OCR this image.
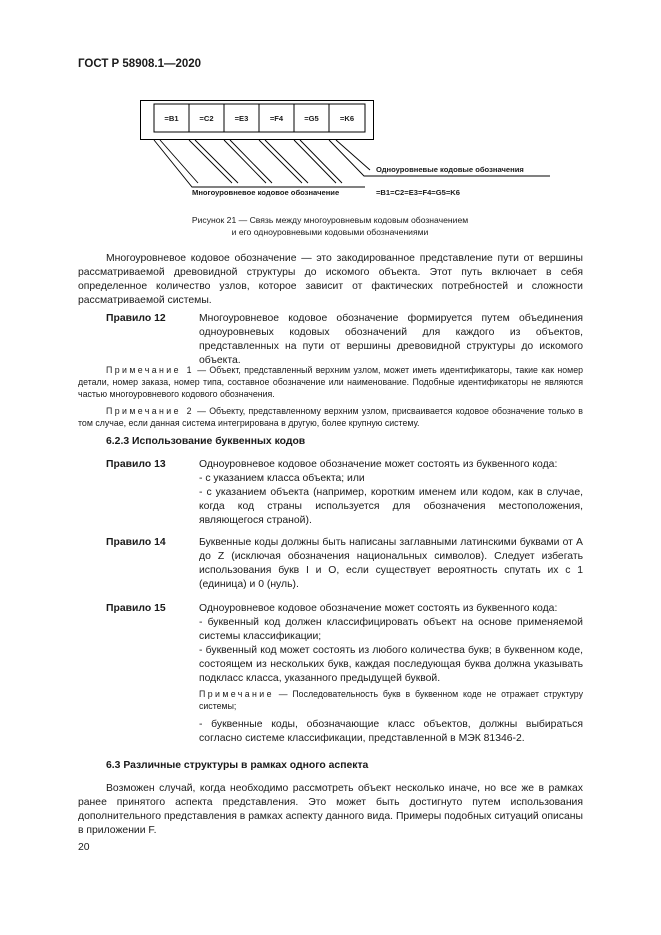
ГОСТ Р 58908.1—2020
=B1	=C2	=E3	=F4	=G5	=K6
Одноуровневые кодовые обозначения
Многоуровневое кодовое обозначение	=B1=C2=E3=F4=G5=K6
Рисунок 21 — Связь между многоуровневым кодовым обозначением
и его одноуровневыми кодовыми обозначениями
Многоуровневое кодовое обозначение — это закодированное представление пути от вершины рассматриваемой древовидной структуры до искомого объекта. Этот путь включает в себя определенное количество узлов, которое зависит от фактических потребностей и сложности рассматриваемой системы.
Правило 12	Многоуровневое кодовое обозначение формируется путем объединения одноуровневых кодовых обозначений для каждого из объектов, представленных на пути от вершины древовидной структуры до искомого объекта.
Примечание 1 — Объект, представленный верхним узлом, может иметь идентификаторы, такие как номер детали, номер заказа, номер типа, составное обозначение или наименование. Подобные идентификаторы не являются частью многоуровневого кодового обозначения.
Примечание 2 — Объекту, представленному верхним узлом, присваивается кодовое обозначение только в том случае, если данная система интегрирована в другую, более крупную систему.
6.2.3 Использование буквенных кодов
Правило 13	Одноуровневое кодовое обозначение может состоять из буквенного кода:
- с указанием класса объекта; или
- с указанием объекта (например, коротким именем или кодом, как в случае, когда код страны используется для обозначения местоположения, являющегося страной).
Правило 14	Буквенные коды должны быть написаны заглавными латинскими буквами от A до Z (исключая обозначения национальных символов). Следует избегать использования букв I и O, если существует вероятность спутать их с 1 (единица) и 0 (нуль).
Правило 15	Одноуровневое кодовое обозначение может состоять из буквенного кода:
- буквенный код должен классифицировать объект на основе применяемой системы классификации;
- буквенный код может состоять из любого количества букв; в буквенном коде, состоящем из нескольких букв, каждая последующая буква должна указывать подкласс класса, указанного предыдущей буквой.
Примечание — Последовательность букв в буквенном коде не отражает структуру системы;
- буквенные коды, обозначающие класс объектов, должны выбираться согласно системе классификации, представленной в МЭК 81346-2.
6.3 Различные структуры в рамках одного аспекта
Возможен случай, когда необходимо рассмотреть объект несколько иначе, но все же в рамках ранее принятого аспекта представления. Это может быть достигнуто путем использования дополнительного представления в рамках аспекту данного вида. Примеры подобных ситуаций описаны в приложении F.
20
